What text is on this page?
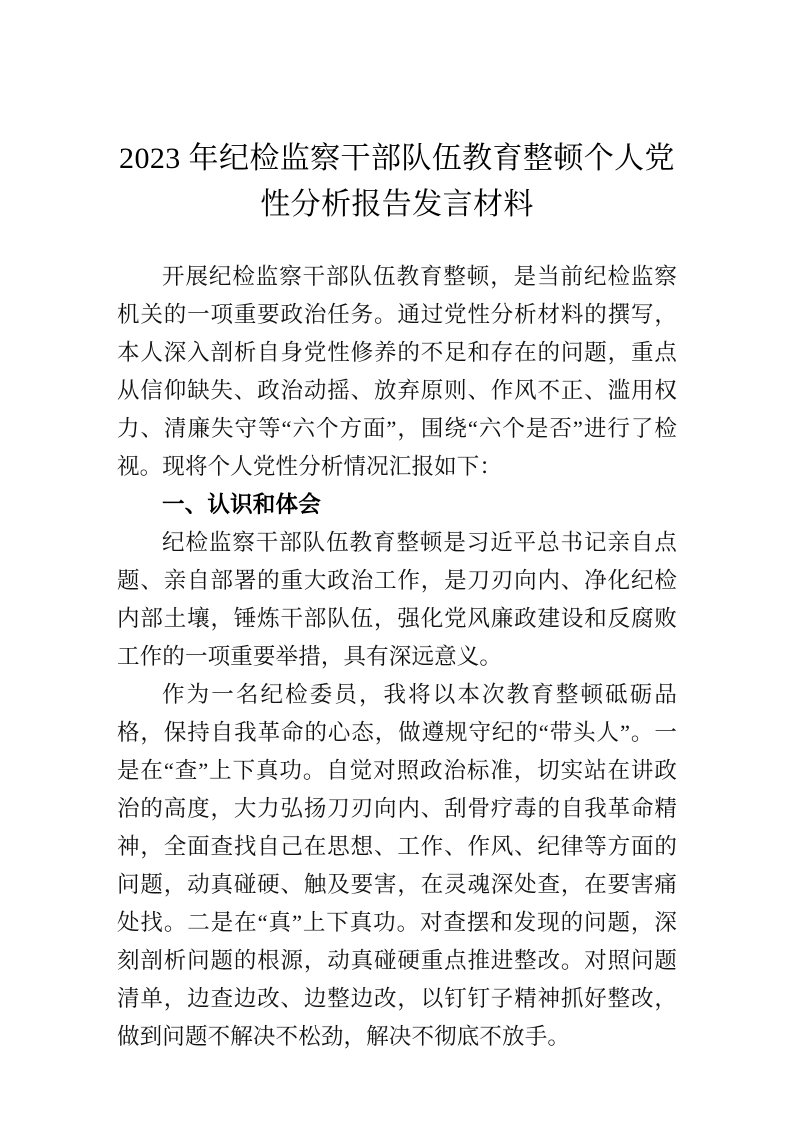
2023 年纪检监察干部队伍教育整顿个人党性分析报告发言材料

开展纪检监察干部队伍教育整顿，是当前纪检监察机关的一项重要政治任务。通过党性分析材料的撰写，本人深入剖析自身党性修养的不足和存在的问题，重点从信仰缺失、政治动摇、放弃原则、作风不正、滥用权力、清廉失守等“六个方面”，围绕“六个是否”进行了检视。现将个人党性分析情况汇报如下：

一、认识和体会

纪检监察干部队伍教育整顿是习近平总书记亲自点题、亲自部署的重大政治工作，是刀刃向内、净化纪检内部土壤，锤炼干部队伍，强化党风廉政建设和反腐败工作的一项重要举措，具有深远意义。

作为一名纪检委员，我将以本次教育整顿砥砺品格，保持自我革命的心态，做遵规守纪的“带头人”。一是在“查”上下真功。自觉对照政治标准，切实站在讲政治的高度，大力弘扬刀刃向内、刮骨疗毒的自我革命精神，全面查找自己在思想、工作、作风、纪律等方面的问题，动真碰硬、触及要害，在灵魂深处查，在要害痛处找。二是在“真”上下真功。对查摆和发现的问题，深刻剖析问题的根源，动真碰硬重点推进整改。对照问题清单，边查边改、边整边改，以钉钉子精神抓好整改，做到问题不解决不松劲，解决不彻底不放手。
